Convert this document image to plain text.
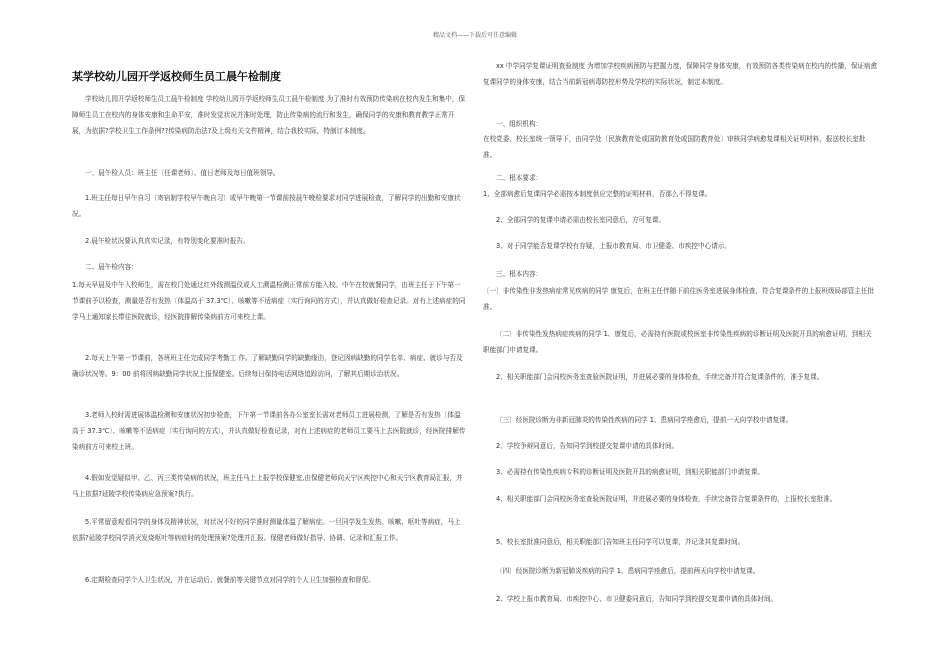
精品文档——下载后可任意编辑
某学校幼儿园开学返校师生员工晨午检制度

学校幼儿园开学返校师生员工晨午检制度 学校幼儿园开学返校师生员工晨午检制度 为了准时有效预防传染病在校内发生和集中，保障师生员工在校内的身体安康和生命平安，准时发觉状况并准时处理，防止传染病的流行和发生，确保同学的安康和教育教学正常开展，为依据?学校卫生工作条例??传染病防治法?及上级有关文件精神，结合我校实际，特制订本制度。

一、晨午检人员：班主任〔任课老师〕、值日老师及每日值班领导。

1.班主任每日早午自习〔寄宿制学校早午晚自习〕或早午晚第一节课前按晨午晚检要求对同学进展检查，了解同学的出勤和安康状况。

2.晨午检状况要认真真实记录，有特别变化要准时报告。

二、晨午检内容：

1.每天早晨及中午入校师生，需在校门处通过红外线测温仪或人工测温检测正常前方能入校。中午在校就餐同学，由班主任于下午第一节课前予以检查，测量是否有发热〔体温高于 37.3℃〕、咳嗽等不适病症〔实行询问的方式〕，并认真做好检查记录。对有上述病症的同学马上通知家长带往医院就诊，经医院排解传染病前方可来校上课。

2.每天上午第一节课前，各班班主任完成同学考勤工 作。了解缺勤同学的缺勤缘由，登记因病缺勤的同学名单、病症、就诊与否及确诊状况等。9：00 前将因病缺勤同学状况上报保健室。后续每日保持电话网络追踪访问，了解其后期诊治状况。

3.老师入校时需进展体温检测和安康状况初步检查，下午第一节课前各办公室室长需对老师员工进展检测，了解是否有发热〔体温高于 37.3℃〕、咳嗽等不适病症〔实行询问的方式〕，并认真做好检查记录，对有上述病症的老师员工要马上去医院就诊，经医院排解传染病前方可来校上班。

4.假如发觉疑似甲、乙、丙三类传染病的状况，班主任马上上报学校保健室,由保健老师向天宁区疾控中心和天宁区教育局汇报，并马上依据?延陵学校传染病应急预案?执行。

5.平常留意观看同学的身体及精神状况，对状况不好的同学准时测量体温了解病症。一旦同学发生发热、咳嗽、呕吐等病症，马上依据?延陵学校同学消灭发烧呕吐等病症时的处理预案?处理并汇报。保健老师做好指导、协调、记录和汇报工作。

6.定期检查同学个人卫生状况，并在运动后、就餐前等关键节点对同学的个人卫生加强检查和督促。

xx 中学同学复课证明查验制度 为增加学校疾病预防与把握力度，保障同学身体安康，有效预防各类传染病在校内的传播，保证病愈复课同学的身体安康，结合当前新冠病毒防控形势及学校的实际状况，制定本制度。

一、组织机构：

在校党委、校长室统一领导下，由同学处〔民族教育处或国防教育处或国防教育处〕审核同学病愈复课相关证明材料，报送校长室批准。

二、根本要求：

1、全部病愈后复课同学必需按本制度供应完整的证明材料，否那么不得复课。

2、全部同学的复课申请必需由校长室同意后，方可复课。

3、对于同学能否复课学校有存疑，上报市教育局、市卫健委、市疾控中心请示。

三、根本内容：

〔一〕非传染性非发热病症常见疾病的同学 康复后，在班主任伴随下前往医务室进展身体检查，符合复课条件的上报班级局部管主任批准。

〔二〕非传染性发热病症疾病的同学 1、康复后，必需持有医院或校医室非传染性疾病的诊断证明及医院开具的病愈证明，到相关职能部门申请复课。

2、相关职能部门会同校医务室查验医院证明，并进展必要的身体检查，手续完备并符合复课条件的，准予复课。

〔三〕经医院诊断为非新冠肺炎的传染性疾病的同学 1、患病同学痊愈后，提前一天向学校申请复课。

2、学校争辩同意后，告知同学到校提交复课申请的具体时间。

3、必需持有传染性疾病专科的诊断证明及医院开具的病愈证明，到相关职能部门申请复课。

4、相关职能部门会同校医务室查验医院证明，并进展必要的身体检查，手续完备符合复课条件的，上报校长室批准。

5、校长室批准同意后，相关职能部门告知班主任同学可以复课，并记录其复课时间。

〔四〕经医院诊断为新冠肺炎疾病的同学 1、患病同学痊愈后，提前两天向学校申请复课。

2、学校上报市教育局、市疾控中心、市卫健委同意后，告知同学到校提交复课申请的具体时间。
